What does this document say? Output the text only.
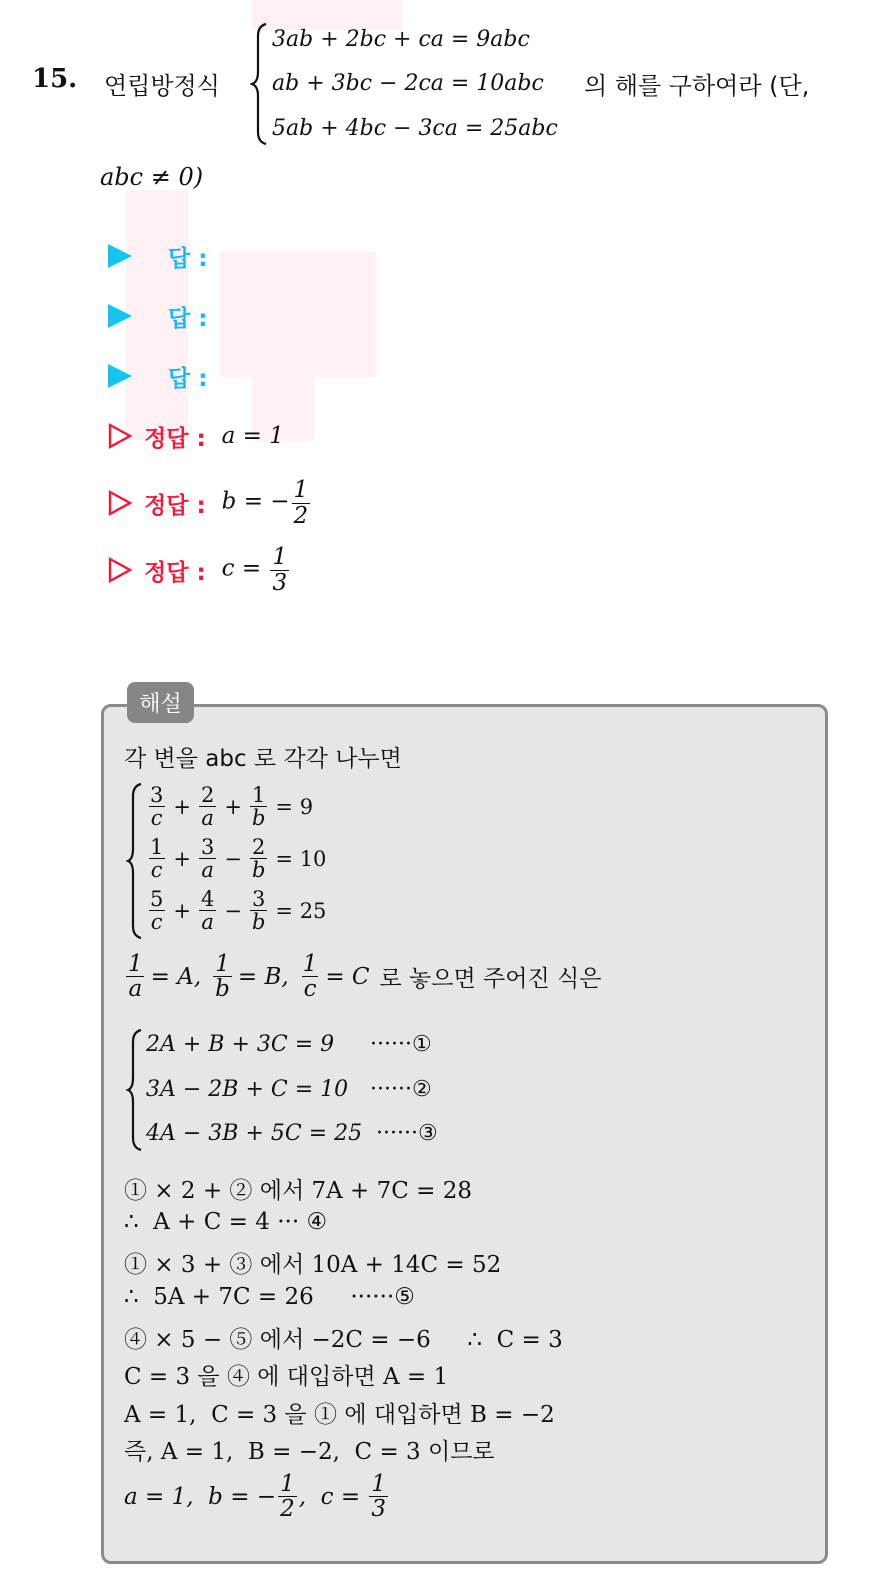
15. 연립방정식
3ab + 2bc + ca = 9abc
ab + 3bc − 2ca = 10abc
5ab + 4bc − 3ca = 25abc
의 해를 구하여라 (단,
abc ≠ 0)
답 :
답 :
답 :
정답 : a = 1
정답 : b = − $\frac{1}{2}$
정답 : $c = \frac{1}{3}$
해설
각 변을 abc 로 각각 나누면
$\frac{3}{c} + \frac{2}{a} + \frac{1}{b} = 9$
$\frac{1}{c} + \frac{3}{a} - \frac{2}{b} = 10$
$\frac{5}{c} + \frac{4}{a} - \frac{3}{b} = 25$
$\frac{1}{a} = A$, $\frac{1}{b} = B$, $\frac{1}{c} = C$ 로 놓으면 주어진 식은
2A + B + 3C = 9 ······①
3A − 2B + C = 10 ······②
4A − 3B + 5C = 25 ······③
① × 2 + ② 에서 7A + 7C = 28
∴  A + C = 4 ··· ④
① × 3 + ③ 에서 10A + 14C = 52
∴  5A + 7C = 26     ······⑤
④ × 5 − ⑤ 에서 −2C = −6     ∴  C = 3
C = 3 을 ④ 에 대입하면 A = 1
A = 1,  C = 3 을 ① 에 대입하면 B = −2
즉, A = 1,  B = −2,  C = 3 이므로
a = 1,  b = − $\frac{1}{2}$ ,  $c = \frac{1}{3}$
